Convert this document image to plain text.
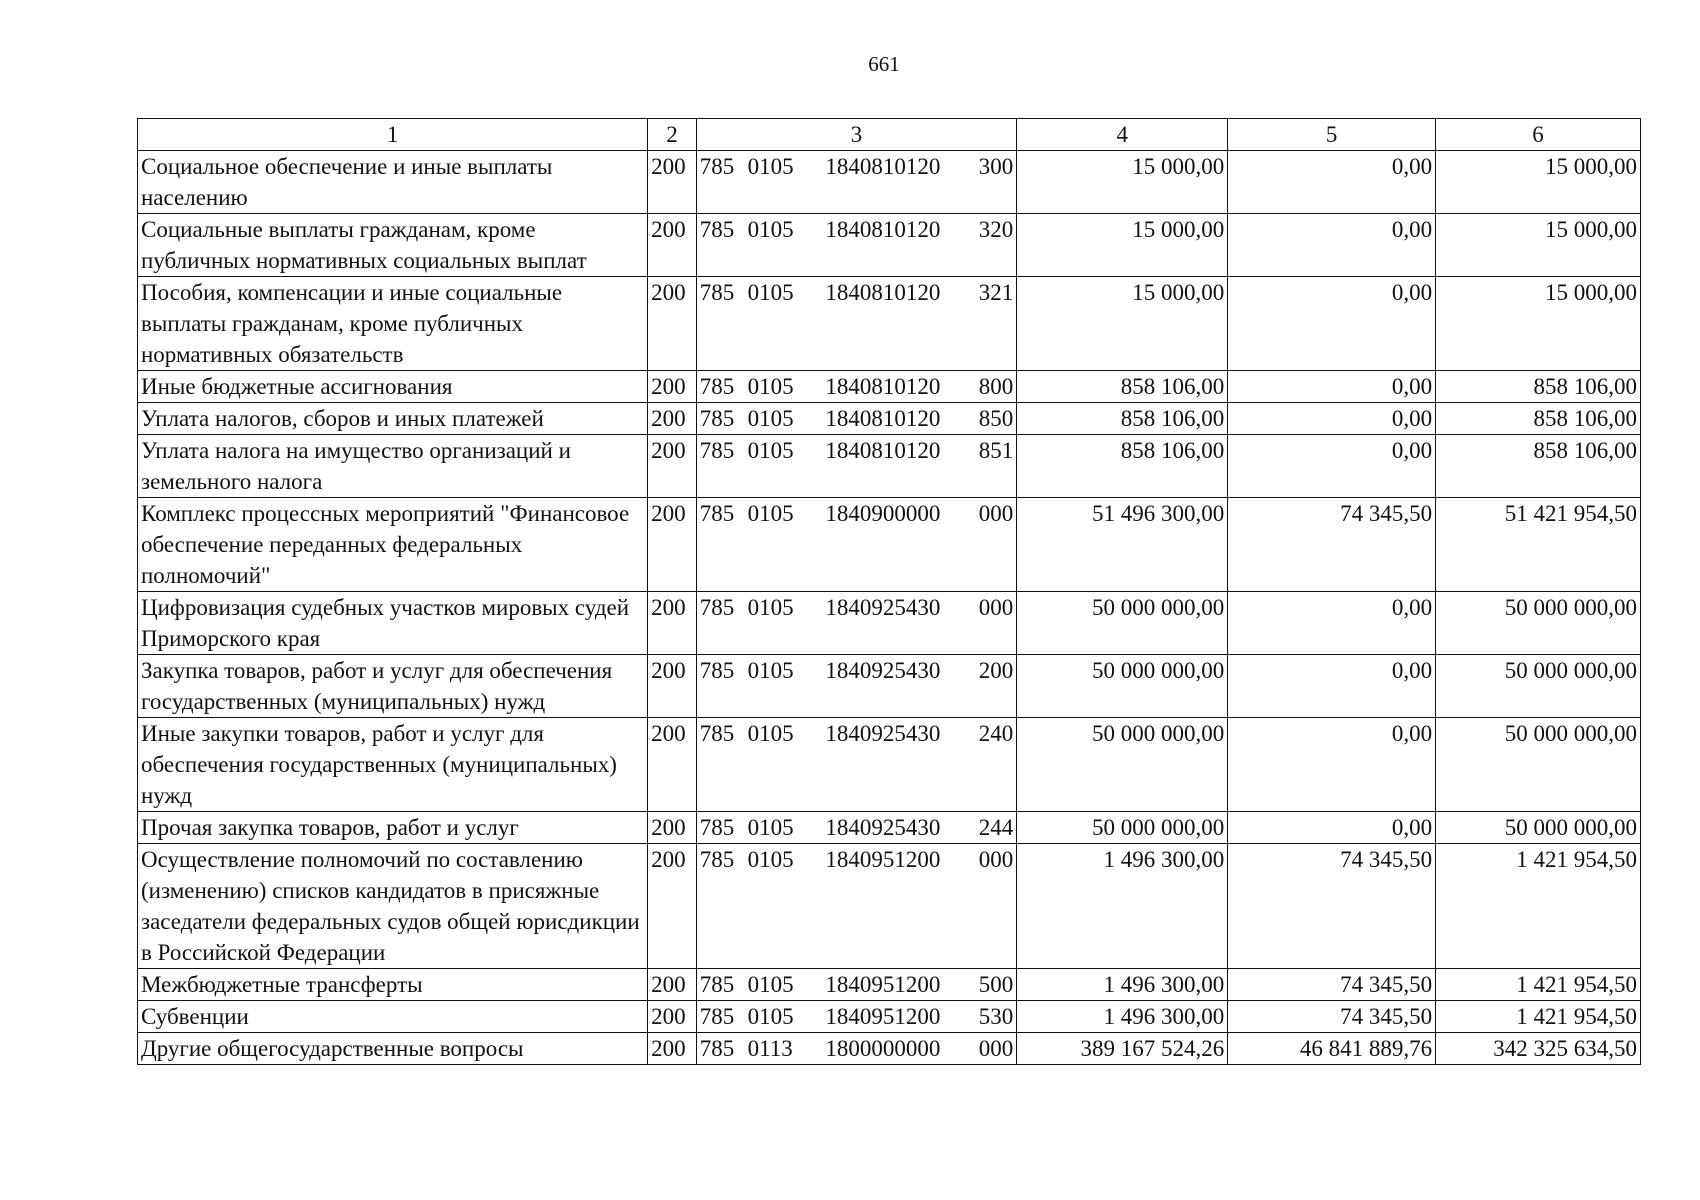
661
1	2	3	4	5	6
Социальное обеспечение и иные выплаты населению	200	785 0105 1840810120 300	15 000,00	0,00	15 000,00
Социальные выплаты гражданам, кроме публичных нормативных социальных выплат	200	785 0105 1840810120 320	15 000,00	0,00	15 000,00
Пособия, компенсации и иные социальные выплаты гражданам, кроме публичных нормативных обязательств	200	785 0105 1840810120 321	15 000,00	0,00	15 000,00
Иные бюджетные ассигнования	200	785 0105 1840810120 800	858 106,00	0,00	858 106,00
Уплата налогов, сборов и иных платежей	200	785 0105 1840810120 850	858 106,00	0,00	858 106,00
Уплата налога на имущество организаций и земельного налога	200	785 0105 1840810120 851	858 106,00	0,00	858 106,00
Комплекс процессных мероприятий "Финансовое обеспечение переданных федеральных полномочий"	200	785 0105 1840900000 000	51 496 300,00	74 345,50	51 421 954,50
Цифровизация судебных участков мировых судей Приморского края	200	785 0105 1840925430 000	50 000 000,00	0,00	50 000 000,00
Закупка товаров, работ и услуг для обеспечения государственных (муниципальных) нужд	200	785 0105 1840925430 200	50 000 000,00	0,00	50 000 000,00
Иные закупки товаров, работ и услуг для обеспечения государственных (муниципальных) нужд	200	785 0105 1840925430 240	50 000 000,00	0,00	50 000 000,00
Прочая закупка товаров, работ и услуг	200	785 0105 1840925430 244	50 000 000,00	0,00	50 000 000,00
Осуществление полномочий по составлению (изменению) списков кандидатов в присяжные заседатели федеральных судов общей юрисдикции в Российской Федерации	200	785 0105 1840951200 000	1 496 300,00	74 345,50	1 421 954,50
Межбюджетные трансферты	200	785 0105 1840951200 500	1 496 300,00	74 345,50	1 421 954,50
Субвенции	200	785 0105 1840951200 530	1 496 300,00	74 345,50	1 421 954,50
Другие общегосударственные вопросы	200	785 0113 1800000000 000	389 167 524,26	46 841 889,76	342 325 634,50
